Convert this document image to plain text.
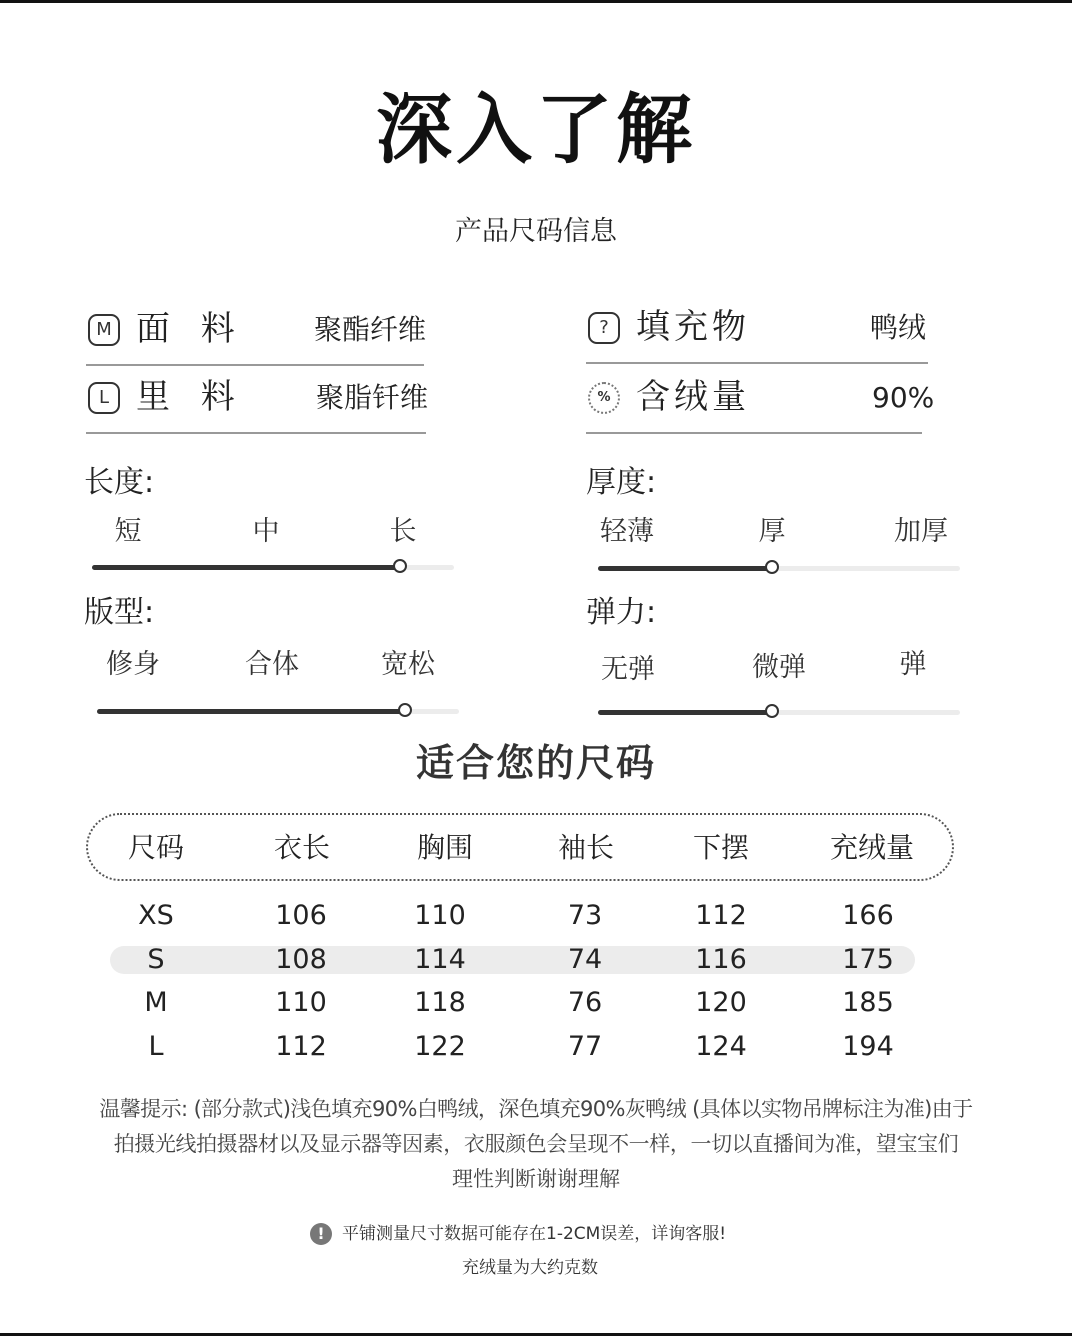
深入了解
产品尺码信息
M 面 料 聚酯纤维
L 里 料	聚脂钎维
? 填充物	鸭绒
% 含绒量	90%
长度:
短	中	长
厚度:
轻薄	厚	加厚
版型:
修身	合体	宽松
弹力:
无弹	微弹	弹
适合您的尺码
尺码	衣长	胸围	袖长	下摆	充绒量
XS	106	110	73	112	166
S	108	114	74	116	175
M	110	118	76	120	185
L	112	122	77	124	194
温馨提示: (部分款式)浅色填充90%白鸭绒，深色填充90%灰鸭绒 (具体以实物吊牌标注为准)由于
拍摄光线拍摄器材以及显示器等因素，衣服颜色会呈现不一样，一切以直播间为准，望宝宝们
理性判断谢谢理解
!	平铺测量尺寸数据可能存在1-2CM误差，详询客服!
充绒量为大约克数
